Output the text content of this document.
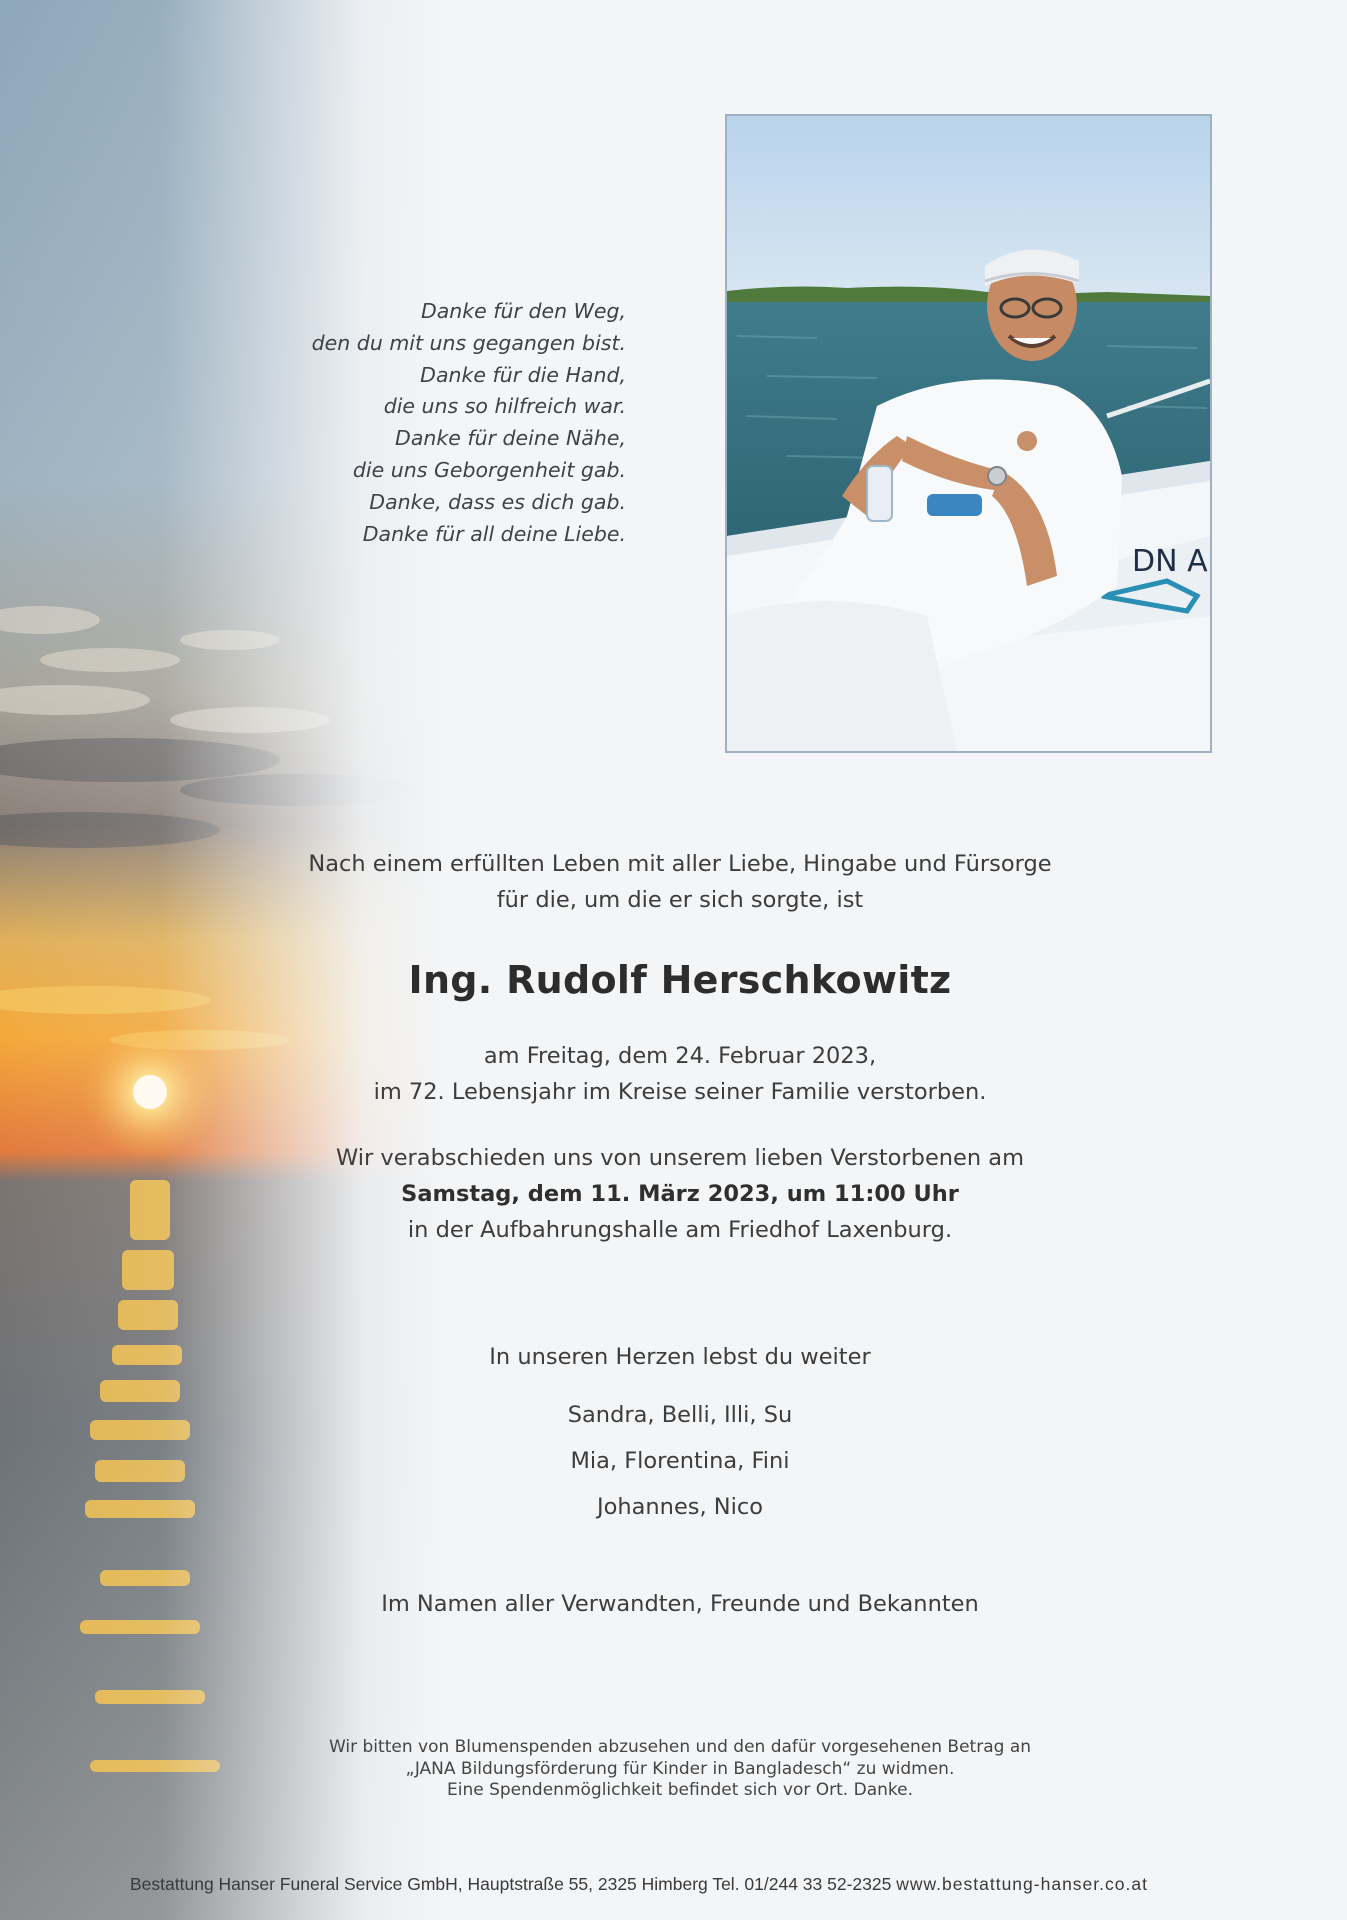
Danke für den Weg,
den du mit uns gegangen bist.
Danke für die Hand,
die uns so hilfreich war.
Danke für deine Nähe,
die uns Geborgenheit gab.
Danke, dass es dich gab.
Danke für all deine Liebe.
DN A
Nach einem erfüllten Leben mit aller Liebe, Hingabe und Fürsorge
für die, um die er sich sorgte, ist
Ing. Rudolf Herschkowitz
am Freitag, dem 24. Februar 2023,
im 72. Lebensjahr im Kreise seiner Familie verstorben.
Wir verabschieden uns von unserem lieben Verstorbenen am
Samstag, dem 11. März 2023, um 11:00 Uhr
in der Aufbahrungshalle am Friedhof Laxenburg.
In unseren Herzen lebst du weiter
Sandra, Belli, Illi, Su
Mia, Florentina, Fini
Johannes, Nico
Im Namen aller Verwandten, Freunde und Bekannten
Wir bitten von Blumenspenden abzusehen und den dafür vorgesehenen Betrag an
„JANA Bildungsförderung für Kinder in Bangladesch“ zu widmen.
Eine Spendenmöglichkeit befindet sich vor Ort. Danke.
Bestattung Hanser Funeral Service GmbH, Hauptstraße 55, 2325 Himberg Tel. 01/244 33 52-2325 www.bestattung-hanser.co.at
